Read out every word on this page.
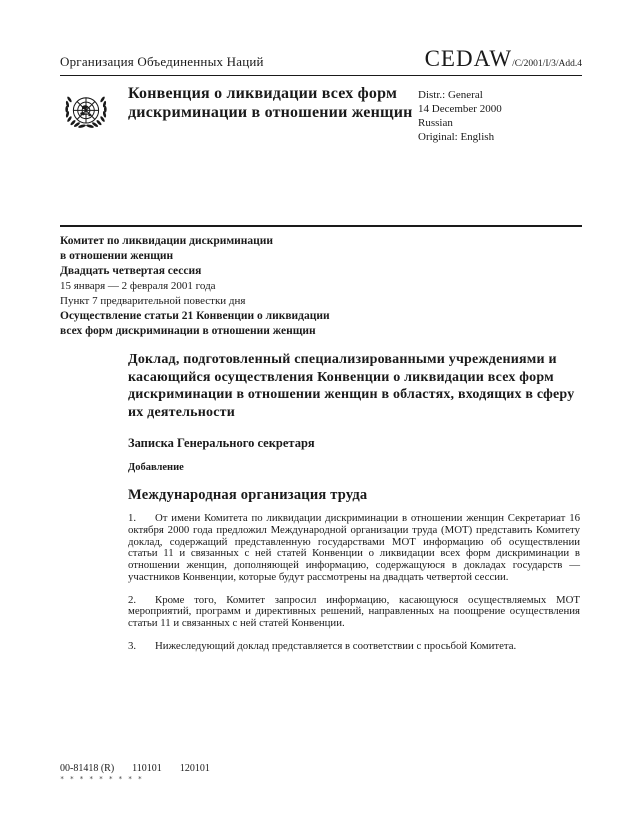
Организация Объединенных Наций	CEDAW/C/2001/I/3/Add.4
Конвенция о ликвидации всех форм дискриминации в отношении женщин
Distr.: General
14 December 2000
Russian
Original: English
Комитет по ликвидации дискриминации
в отношении женщин
Двадцать четвертая сессия
15 января — 2 февраля 2001 года
Пункт 7 предварительной повестки дня
Осуществление статьи 21 Конвенции о ликвидации
всех форм дискриминации в отношении женщин
Доклад, подготовленный специализированными учреждениями и касающийся осуществления Конвенции о ликвидации всех форм дискриминации в отношении женщин в областях, входящих в сферу их деятельности
Записка Генерального секретаря
Добавление
Международная организация труда

1. От имени Комитета по ликвидации дискриминации в отношении женщин Секретариат 16 октября 2000 года предложил Международной организации труда (МОТ) представить Комитету доклад, содержащий представленную государствами МОТ информацию об осуществлении статьи 11 и связанных с ней статей Конвенции о ликвидации всех форм дискриминации в отношении женщин, дополняющей информацию, содержащуюся в докладах государств — участников Конвенции, которые будут рассмотрены на двадцать четвертой сессии.

2. Кроме того, Комитет запросил информацию, касающуюся осуществляемых МОТ мероприятий, программ и директивных решений, направленных на поощрение осуществления статьи 11 и связанных с ней статей Конвенции.

3. Нижеследующий доклад представляется в соответствии с просьбой Комитета.

00-81418 (R) 110101 120101
*********
